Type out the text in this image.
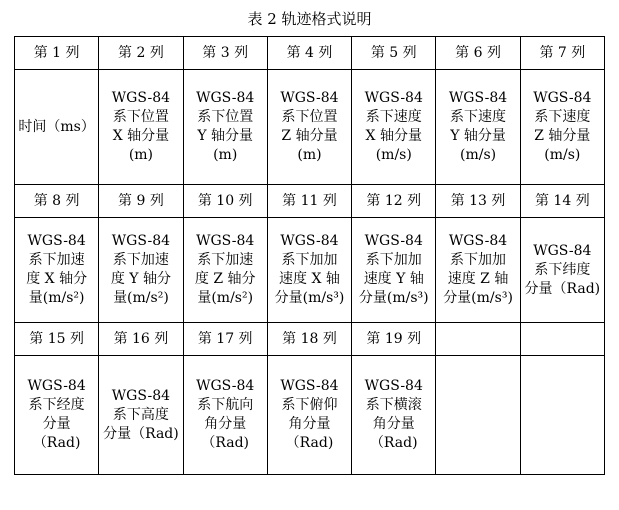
表 2 轨迹格式说明
第 1 列	第 2 列	第 3 列	第 4 列	第 5 列	第 6 列	第 7 列

时间（ms）	WGS-84
系下位置
X 轴分量
(m)	WGS-84
系下位置
Y 轴分量
(m)	WGS-84
系下位置
Z 轴分量
(m)	WGS-84
系下速度
X 轴分量
(m/s)	WGS-84
系下速度
Y 轴分量
(m/s)	WGS-84
系下速度
Z 轴分量
(m/s)

第 8 列	第 9 列	第 10 列	第 11 列	第 12 列	第 13 列	第 14 列

WGS-84
系下加速
度 X 轴分
量(m/s²)	WGS-84
系下加速
度 Y 轴分
量(m/s²)	WGS-84
系下加速
度 Z 轴分
量(m/s²)	WGS-84
系下加加
速度 X 轴
分量(m/s³)	WGS-84
系下加加
速度 Y 轴
分量(m/s³)	WGS-84
系下加加
速度 Z 轴
分量(m/s³)	WGS-84
系下纬度
分量（Rad)

第 15 列	第 16 列	第 17 列	第 18 列	第 19 列		

WGS-84
系下经度
分量
（Rad)	WGS-84
系下高度
分量（Rad)	WGS-84
系下航向
角分量
（Rad)	WGS-84
系下俯仰
角分量
（Rad)	WGS-84
系下横滚
角分量
（Rad)		
